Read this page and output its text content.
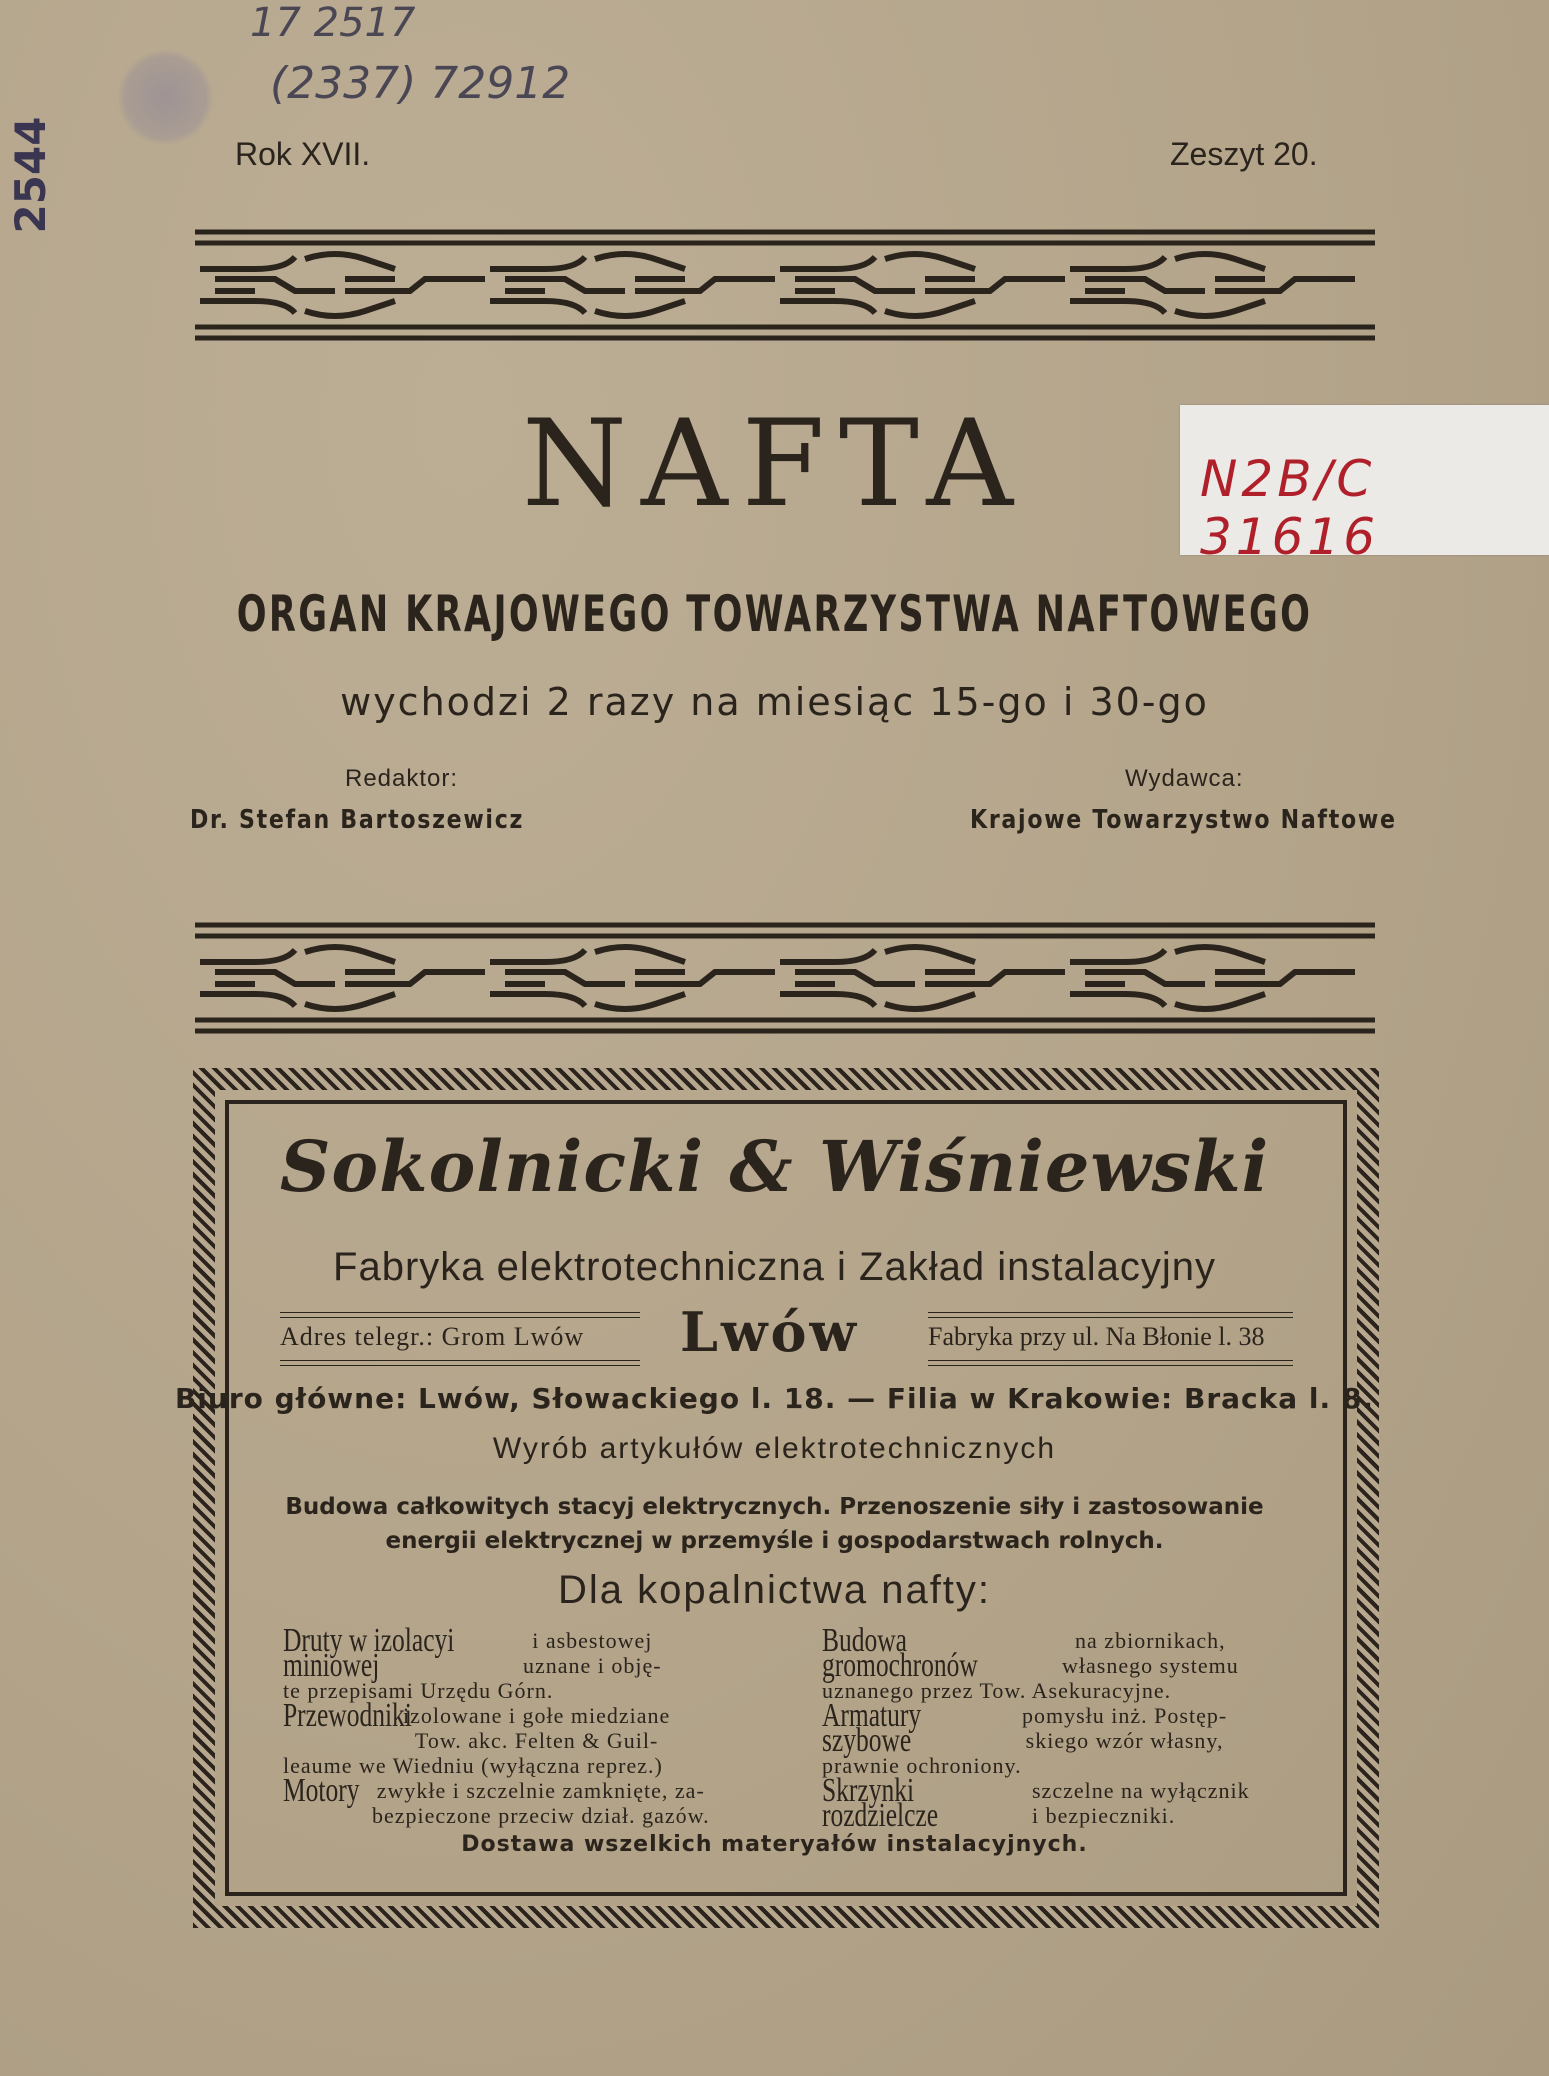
17 2517
(2337) 72912
2544
N2B/C 31616
Rok XVII.	Zeszyt 20.
NAFTA
ORGAN KRAJOWEGO TOWARZYSTWA NAFTOWEGO
wychodzi 2 razy na miesiąc 15-go i 30-go
Redaktor:
Dr. Stefan Bartoszewicz
Wydawca:
Krajowe Towarzystwo Naftowe
Sokolnicki & Wiśniewski
Fabryka elektrotechniczna i Zakład instalacyjny
Adres telegr.: Grom Lwów Lwów	Fabryka przy ul. Na Błonie l. 38
Biuro główne: Lwów, Słowackiego l. 18. — Filia w Krakowie: Bracka l. 8.
Wyrób artykułów elektrotechnicznych
Budowa całkowitych stacyj elektrycznych. Przenoszenie siły i zastosowanie
energii elektrycznej w przemyśle i gospodarstwach rolnych.
Dla kopalnictwa nafty:
Druty w izolacyi miniowej
i asbestowej
uznane i obję-
te przepisami Urzędu Górn.
Przewodniki
izolowane i gołe miedziane
Tow. akc. Felten & Guil-
leaume we Wiedniu (wyłączna reprez.)
Motory zwykłe i szczelnie zamknięte, za-
bezpieczone przeciw dział. gazów.
Budowa gromochronów
na zbiornikach,
własnego systemu
uznanego przez Tow. Asekuracyjne.
Armatury szybowe
pomysłu inż. Postęp-
skiego wzór własny,
prawnie ochroniony.
Skrzynki rozdzielcze
szczelne na wyłącznik
i bezpieczniki.
Dostawa wszelkich materyałów instalacyjnych.
